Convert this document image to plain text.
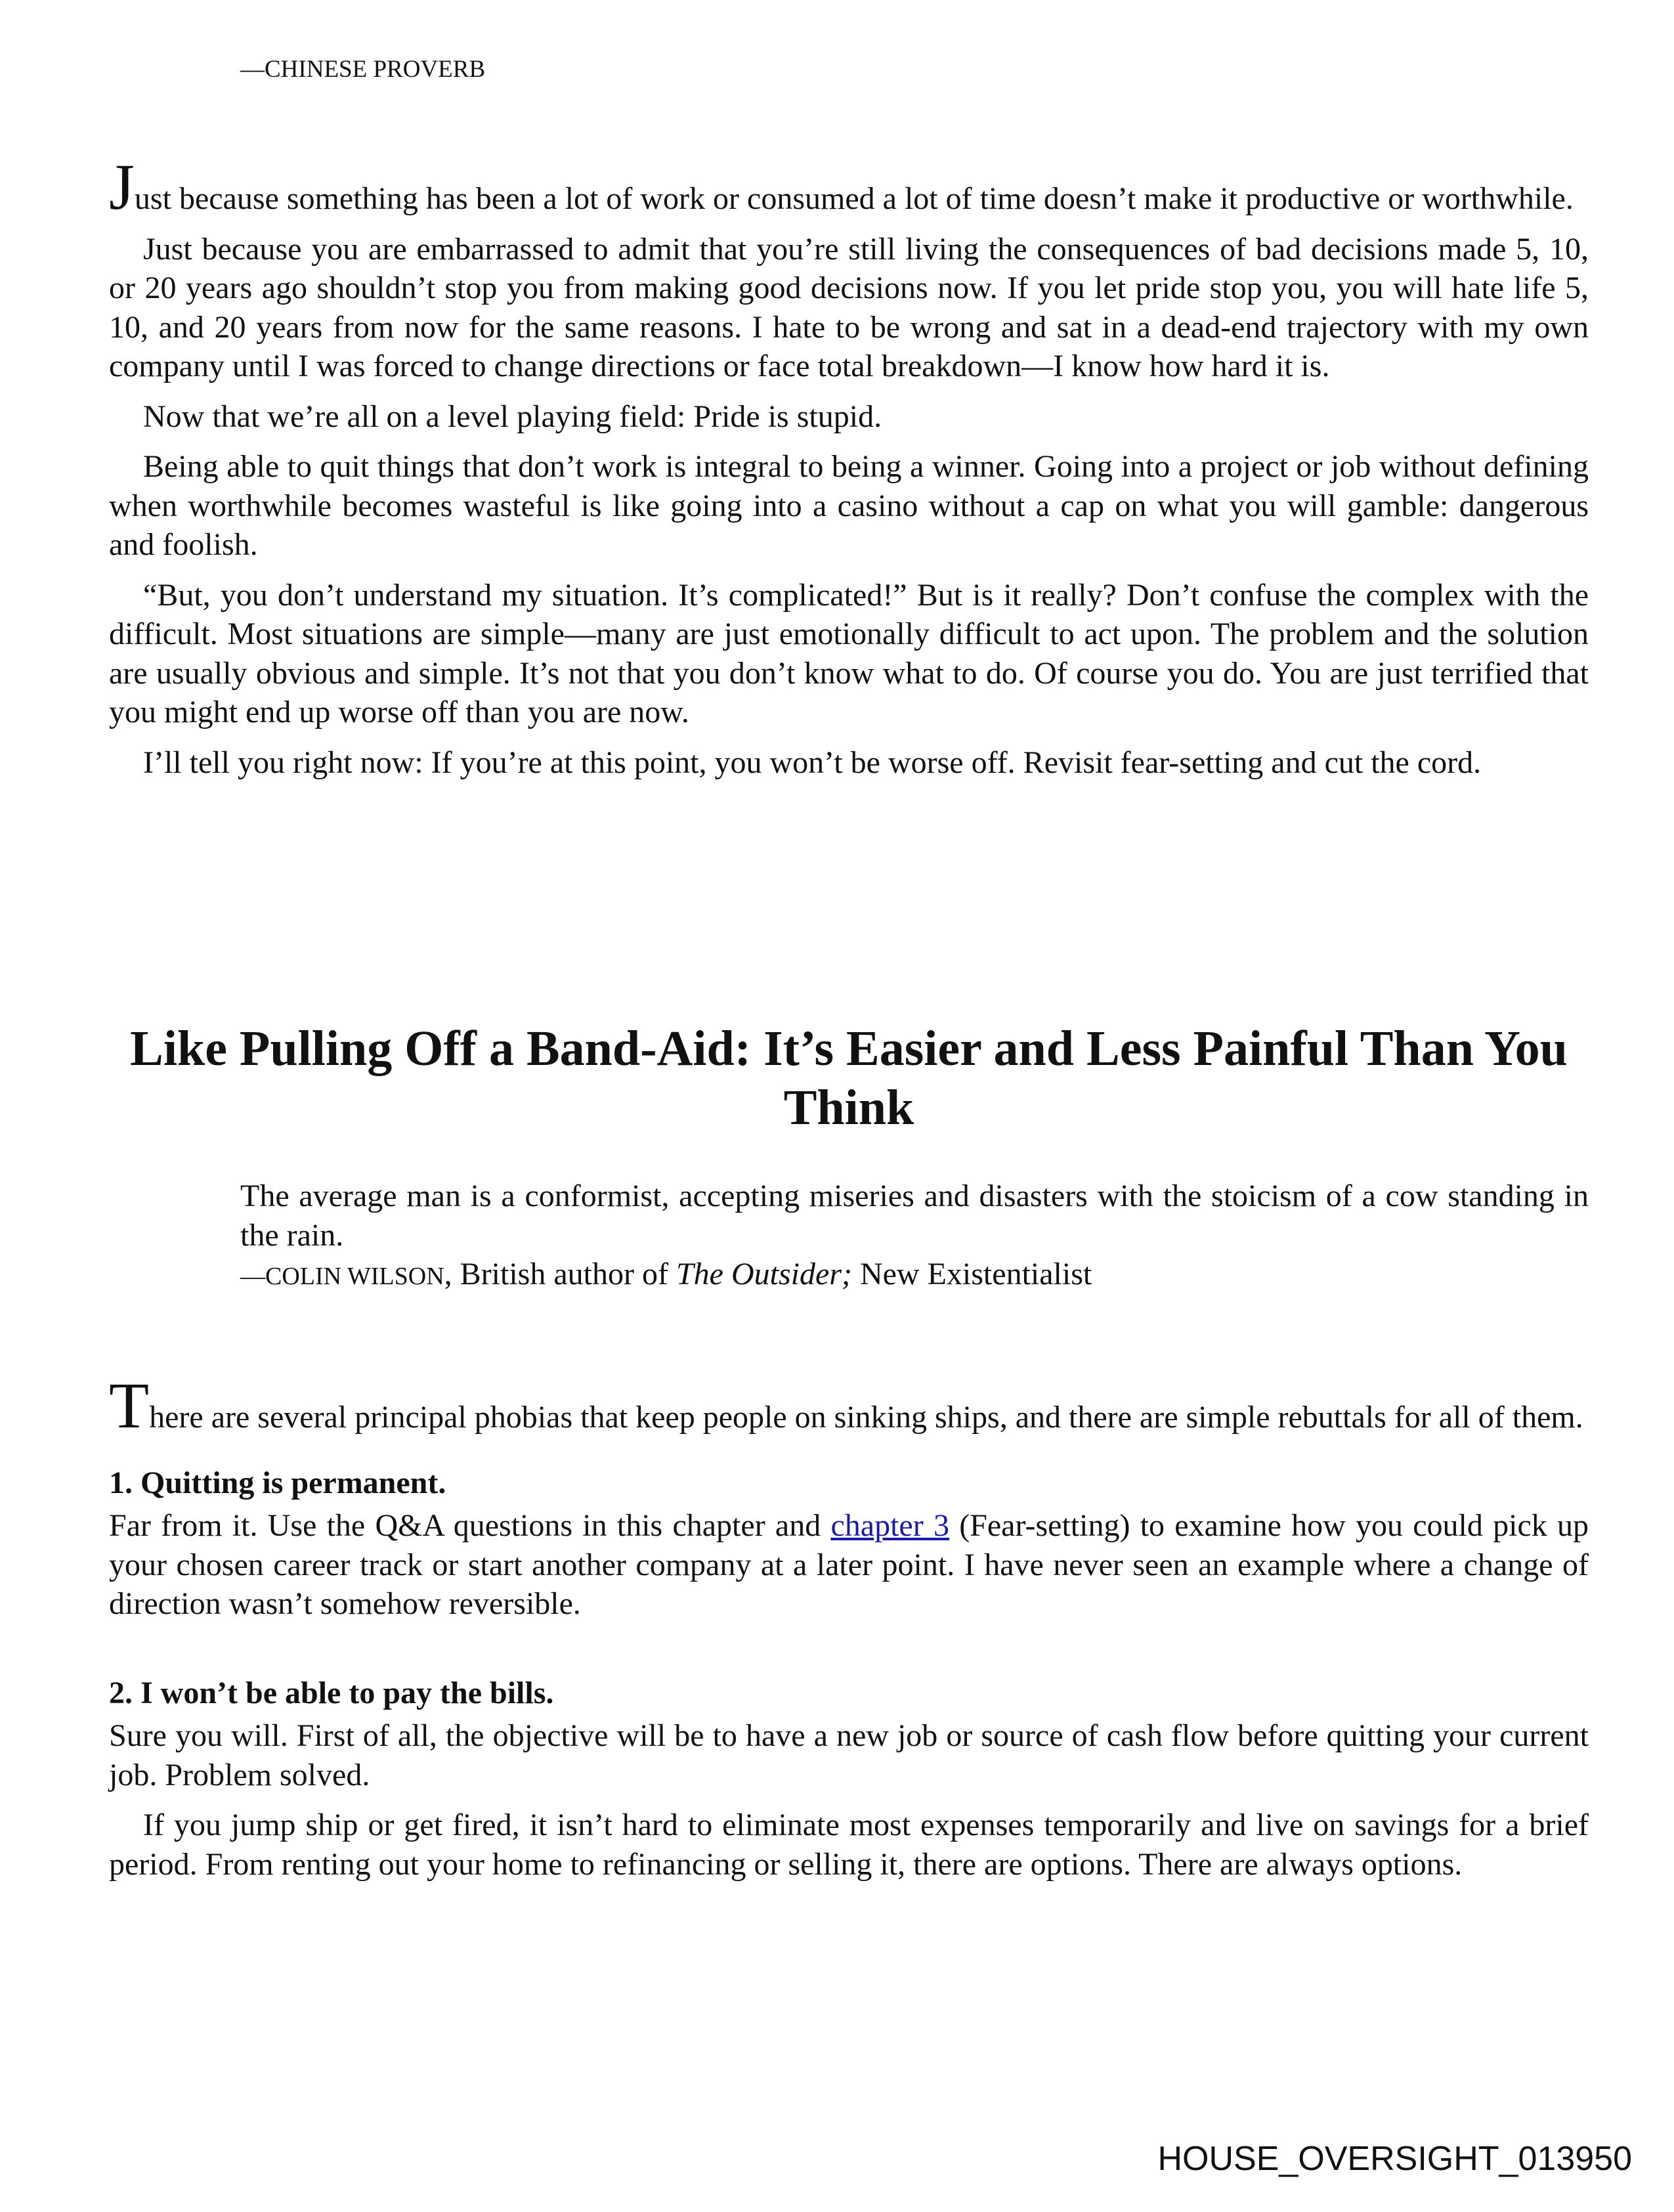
—CHINESE PROVERB

Just because something has been a lot of work or consumed a lot of time doesn’t make it productive or worthwhile.

Just because you are embarrassed to admit that you’re still living the consequences of bad decisions made 5, 10, or 20 years ago shouldn’t stop you from making good decisions now. If you let pride stop you, you will hate life 5, 10, and 20 years from now for the same reasons. I hate to be wrong and sat in a dead-end trajectory with my own company until I was forced to change directions or face total breakdown—I know how hard it is.

Now that we’re all on a level playing field: Pride is stupid.

Being able to quit things that don’t work is integral to being a winner. Going into a project or job without defining when worthwhile becomes wasteful is like going into a casino without a cap on what you will gamble: dangerous and foolish.

“But, you don’t understand my situation. It’s complicated!” But is it really? Don’t confuse the complex with the difficult. Most situations are simple—many are just emotionally difficult to act upon. The problem and the solution are usually obvious and simple. It’s not that you don’t know what to do. Of course you do. You are just terrified that you might end up worse off than you are now.

I’ll tell you right now: If you’re at this point, you won’t be worse off. Revisit fear-setting and cut the cord.

Like Pulling Off a Band-Aid: It’s Easier and Less Painful Than You Think

The average man is a conformist, accepting miseries and disasters with the stoicism of a cow standing in the rain.

—COLIN WILSON, British author of The Outsider; New Existentialist

There are several principal phobias that keep people on sinking ships, and there are simple rebuttals for all of them.

1. Quitting is permanent.

Far from it. Use the Q&A questions in this chapter and chapter 3 (Fear-setting) to examine how you could pick up your chosen career track or start another company at a later point. I have never seen an example where a change of direction wasn’t somehow reversible.

2. I won’t be able to pay the bills.

Sure you will. First of all, the objective will be to have a new job or source of cash flow before quitting your current job. Problem solved.

If you jump ship or get fired, it isn’t hard to eliminate most expenses temporarily and live on savings for a brief period. From renting out your home to refinancing or selling it, there are options. There are always options.

HOUSE_OVERSIGHT_013950
